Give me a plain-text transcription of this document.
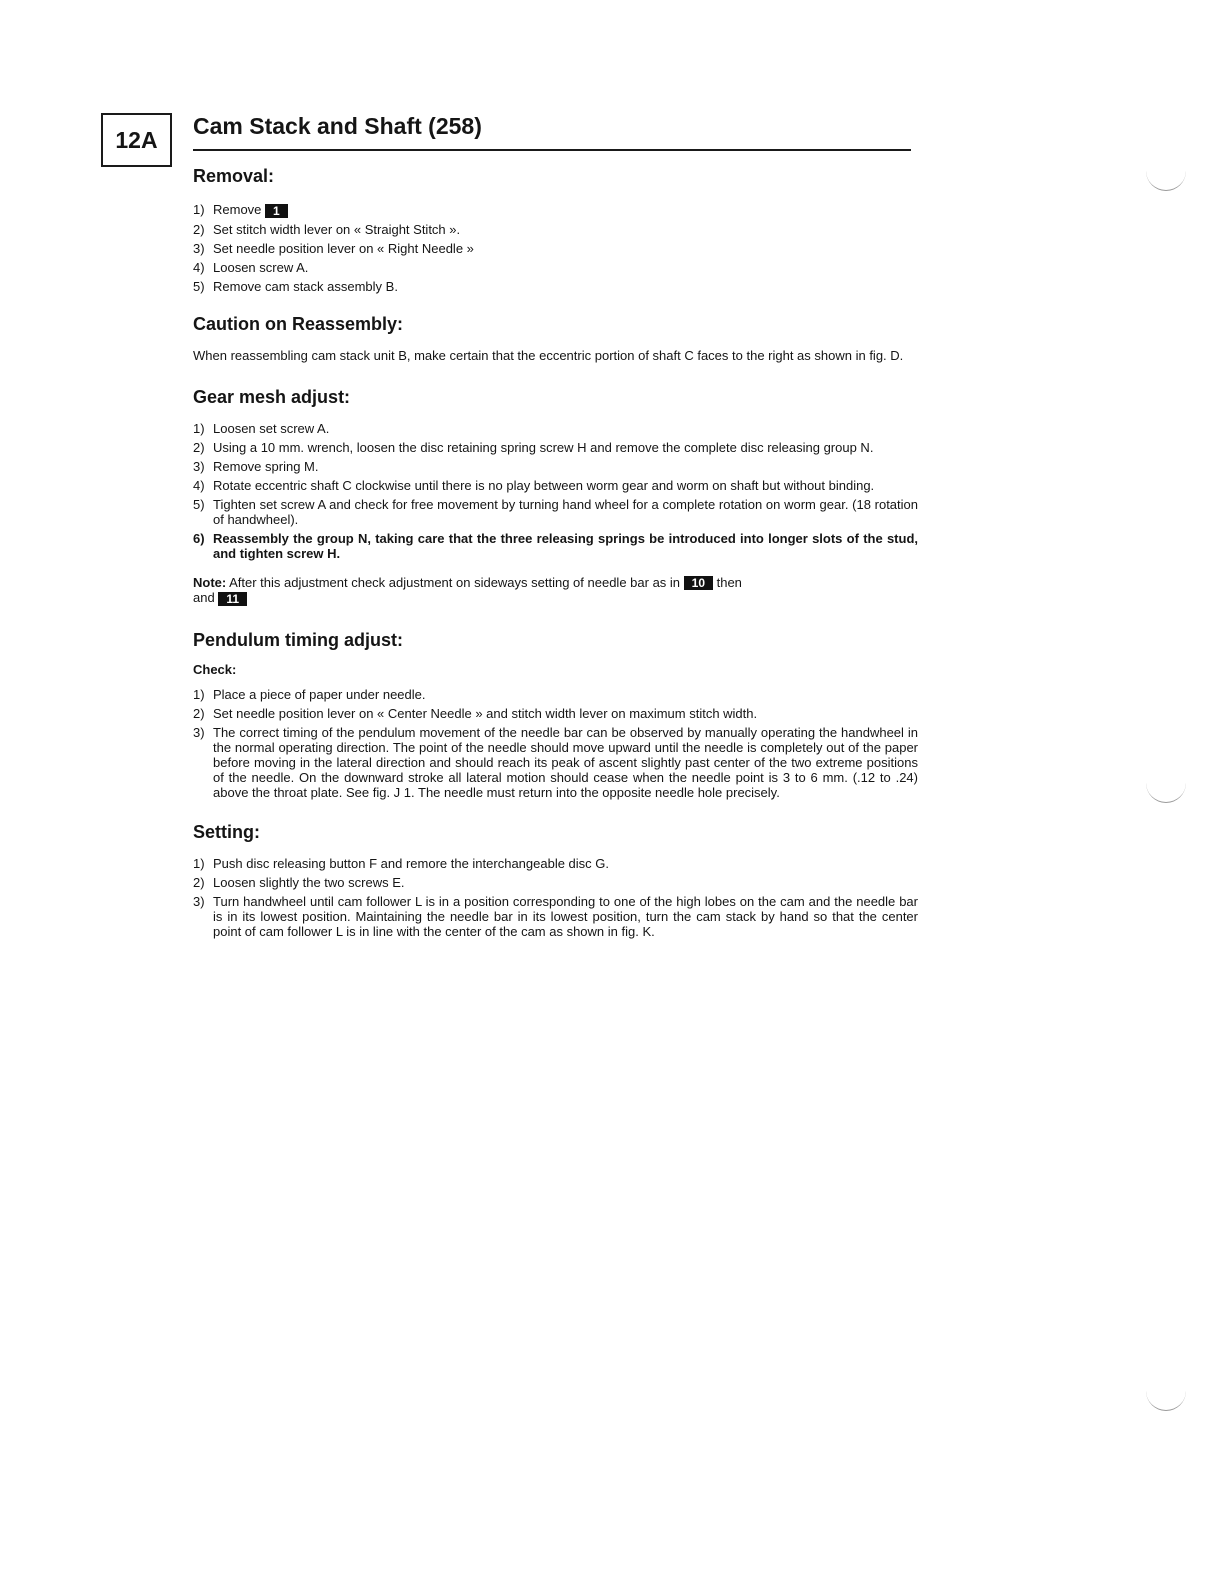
12A
Cam Stack and Shaft (258)
Removal:
1) Remove 1
2) Set stitch width lever on « Straight Stitch ».
3) Set needle position lever on « Right Needle »
4) Loosen screw A.
5) Remove cam stack assembly B.
Caution on Reassembly:

When reassembling cam stack unit B, make certain that the eccentric portion of shaft C faces to the right as shown in fig. D.

Gear mesh adjust:
1) Loosen set screw A.
2) Using a 10 mm. wrench, loosen the disc retaining spring screw H and remove the complete disc releasing group N.
3) Remove spring M.
4) Rotate eccentric shaft C clockwise until there is no play between worm gear and worm on shaft but without binding.
5) Tighten set screw A and check for free movement by turning hand wheel for a complete rotation on worm gear. (18 rotation of handwheel).
6) Reassembly the group N, taking care that the three releasing springs be introduced into longer slots of the stud, and tighten screw H.

Note: After this adjustment check adjustment on sideways setting of needle bar as in 10 then
and 11

Pendulum timing adjust:

Check:

1) Place a piece of paper under needle.
2) Set needle position lever on « Center Needle » and stitch width lever on maximum stitch width.
3) The correct timing of the pendulum movement of the needle bar can be observed by manually operating the handwheel in the normal operating direction. The point of the needle should move upward until the needle is completely out of the paper before moving in the lateral direction and should reach its peak of ascent slightly past center of the two extreme positions of the needle. On the downward stroke all lateral motion should cease when the needle point is 3 to 6 mm. (.12 to .24) above the throat plate. See fig. J 1. The needle must return into the opposite needle hole precisely.
Setting:
1) Push disc releasing button F and remore the interchangeable disc G.
2) Loosen slightly the two screws E.
3) Turn handwheel until cam follower L is in a position corresponding to one of the high lobes on the cam and the needle bar is in its lowest position. Maintaining the needle bar in its lowest position, turn the cam stack by hand so that the center point of cam follower L is in line with the center of the cam as shown in fig. K.
